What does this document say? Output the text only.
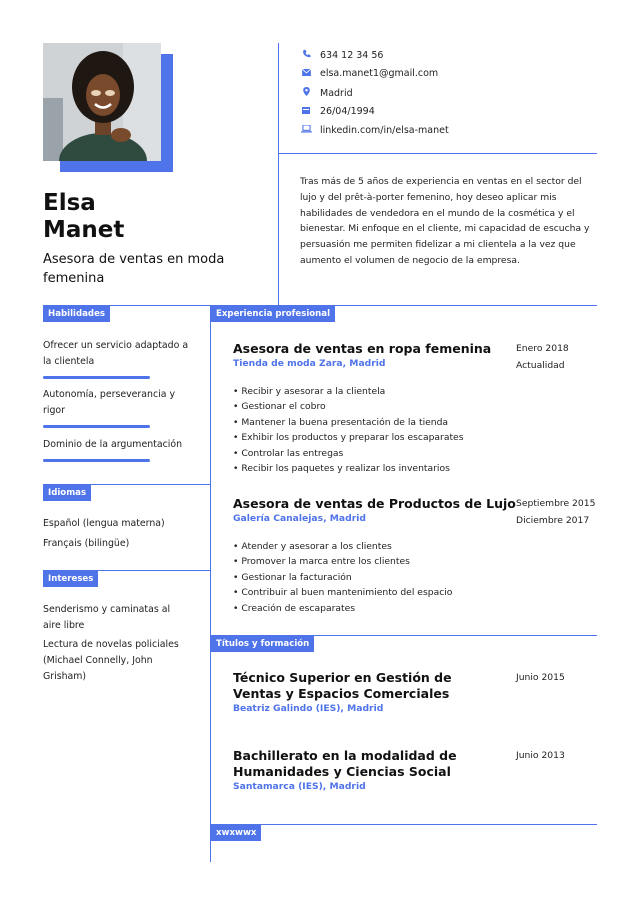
Elsa
Manet
Asesora de ventas en moda femenina
634 12 34 56
elsa.manet1@gmail.com
Madrid
26/04/1994
linkedin.com/in/elsa-manet
Tras más de 5 años de experiencia en ventas en el sector del lujo y del prêt-à-porter femenino, hoy deseo aplicar mis habilidades de vendedora en el mundo de la cosmética y el bienestar. Mi enfoque en el cliente, mi capacidad de escucha y persuasión me permiten fidelizar a mi clientela a la vez que aumento el volumen de negocio de la empresa.
Habilidades
Ofrecer un servicio adaptado a la clientela
Autonomía, perseverancia y rigor
Dominio de la argumentación
Idiomas
Español (lengua materna)
Français (bilingüe)
Intereses
Senderismo y caminatas al aire libre
Lectura de novelas policiales (Michael Connelly, John Grisham)
Experiencia profesional
Asesora de ventas en ropa femenina
Tienda de moda Zara, Madrid
Enero 2018
Actualidad
• Recibir y asesorar a la clientela
• Gestionar el cobro
• Mantener la buena presentación de la tienda
• Exhibir los productos y preparar los escaparates
• Controlar las entregas
• Recibir los paquetes y realizar los inventarios
Asesora de ventas de Productos de Lujo
Galería Canalejas, Madrid
Septiembre 2015
Diciembre 2017
• Atender y asesorar a los clientes
• Promover la marca entre los clientes
• Gestionar la facturación
• Contribuir al buen mantenimiento del espacio
• Creación de escaparates
Títulos y formación
Técnico Superior en Gestión de Ventas y Espacios Comerciales
Beatriz Galindo (IES), Madrid
Junio 2015
Bachillerato en la modalidad de Humanidades y Ciencias Social
Santamarca (IES), Madrid
Junio 2013
xwxwwx
